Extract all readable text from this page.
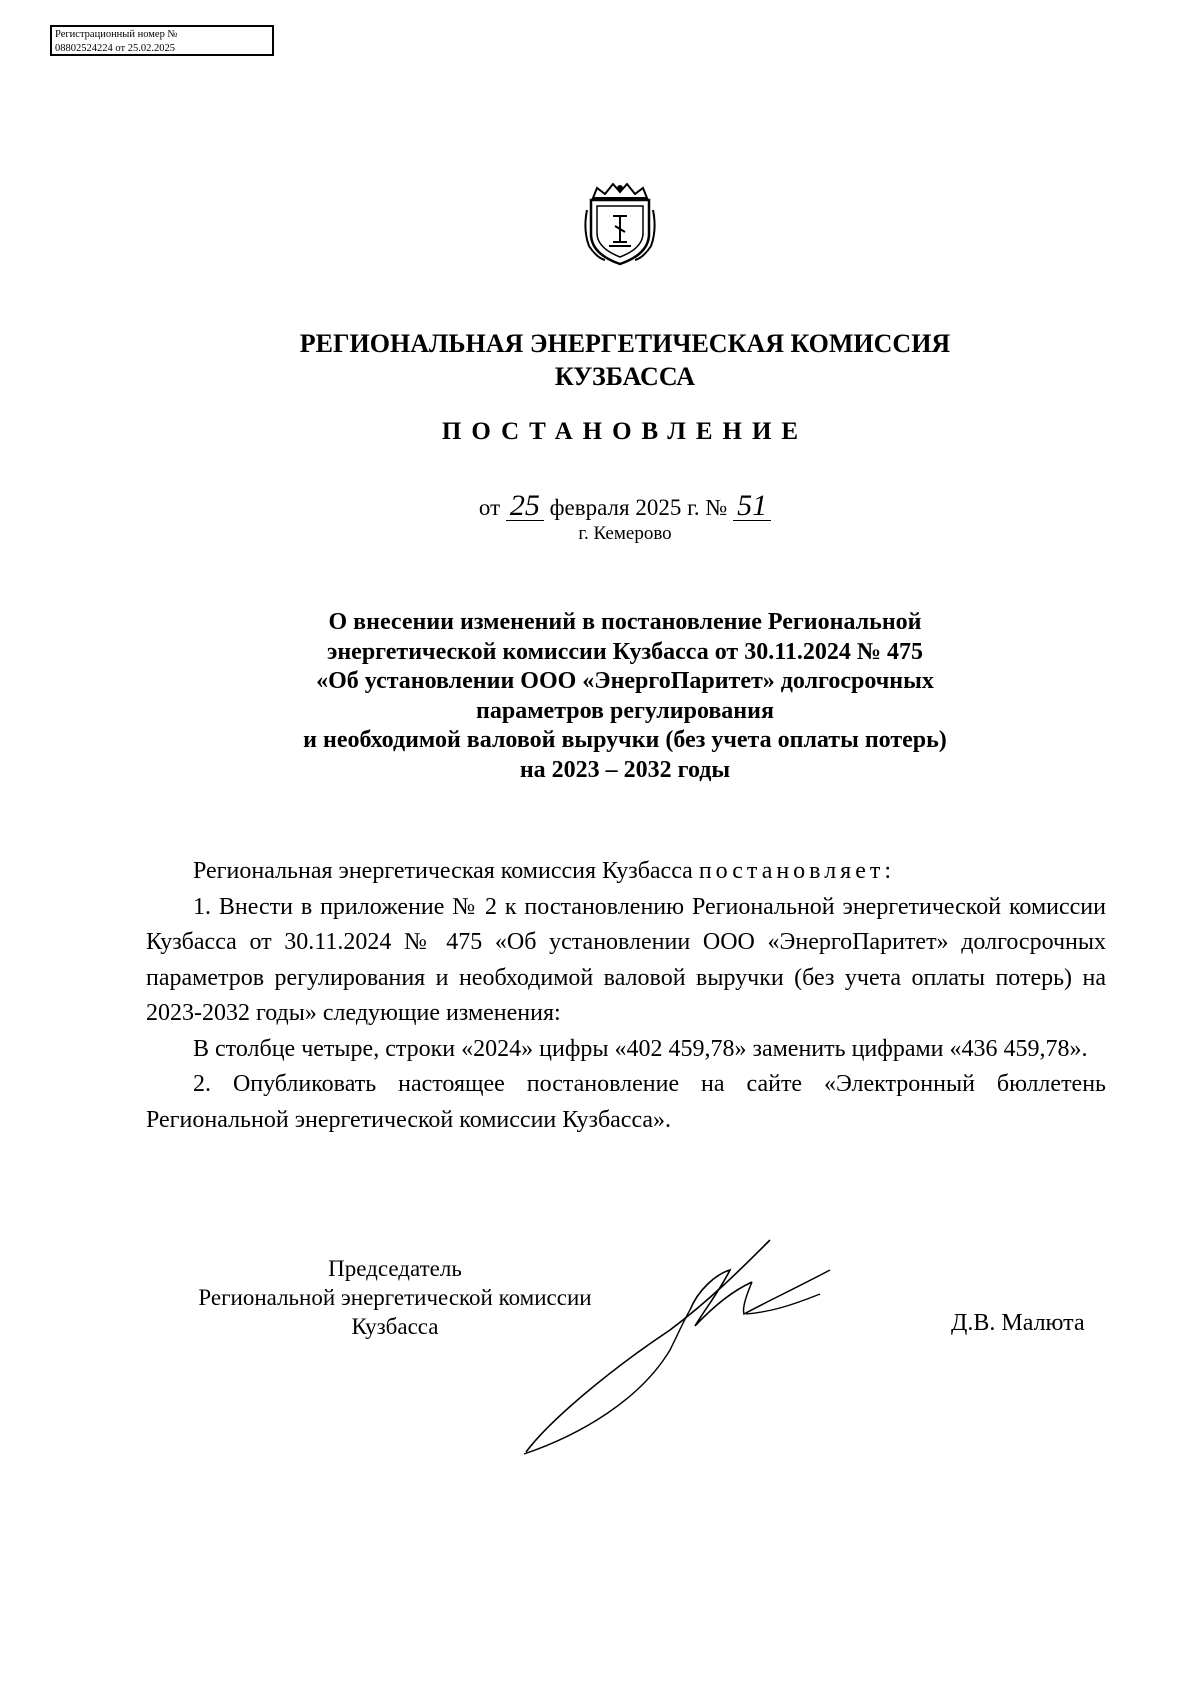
Регистрационный номер №
08802524224 от 25.02.2025
РЕГИОНАЛЬНАЯ ЭНЕРГЕТИЧЕСКАЯ КОМИССИЯ
КУЗБАССА
ПОСТАНОВЛЕНИЕ
от 25 февраля 2025 г. № 51
г. Кемерово
О внесении изменений в постановление Региональной
энергетической комиссии Кузбасса от 30.11.2024 № 475
«Об установлении ООО «ЭнергоПаритет» долгосрочных
параметров регулирования
и необходимой валовой выручки (без учета оплаты потерь)
на 2023 – 2032 годы

Региональная энергетическая комиссия Кузбасса постановляет:

1. Внести в приложение № 2 к постановлению Региональной энергетической комиссии Кузбасса от 30.11.2024 № 475 «Об установлении ООО «ЭнергоПаритет» долгосрочных параметров регулирования и необходимой валовой выручки (без учета оплаты потерь) на 2023-2032 годы» следующие изменения:

В столбце четыре, строки «2024» цифры «402 459,78» заменить цифрами «436 459,78».

2. Опубликовать настоящее постановление на сайте «Электронный бюллетень Региональной энергетической комиссии Кузбасса».

Председатель
Региональной энергетической комиссии
Кузбасса	Д.В. Малюта
